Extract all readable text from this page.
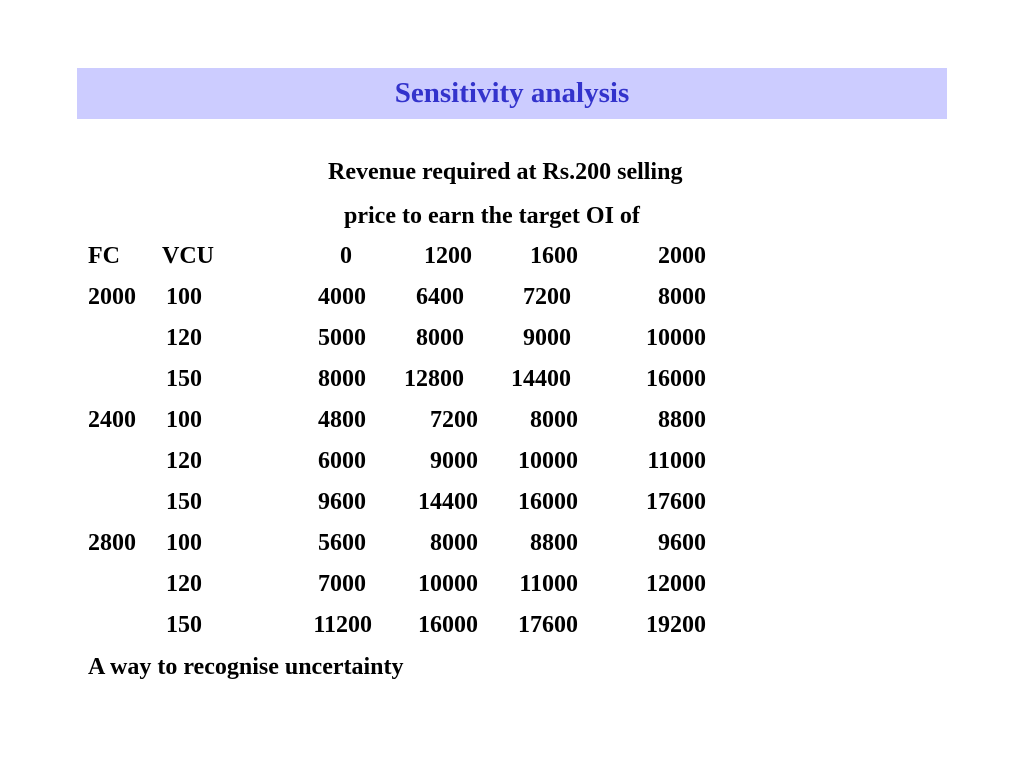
Sensitivity analysis
Revenue required at Rs.200 selling
price to earn the target OI of
FC VCU	0	1200 1600	2000
2000 100	4000 6400 7200	8000
120	5000 8000 9000	10000
150	8000 12800 14400	16000
2400 100	4800	7200 8000	8800
120	6000	9000 10000	11000
150	9600 14400 16000	17600
2800 100	5600	8000 8800	9600
120	7000 10000 11000	12000
150	11200 16000 17600	19200
A way to recognise uncertainty
